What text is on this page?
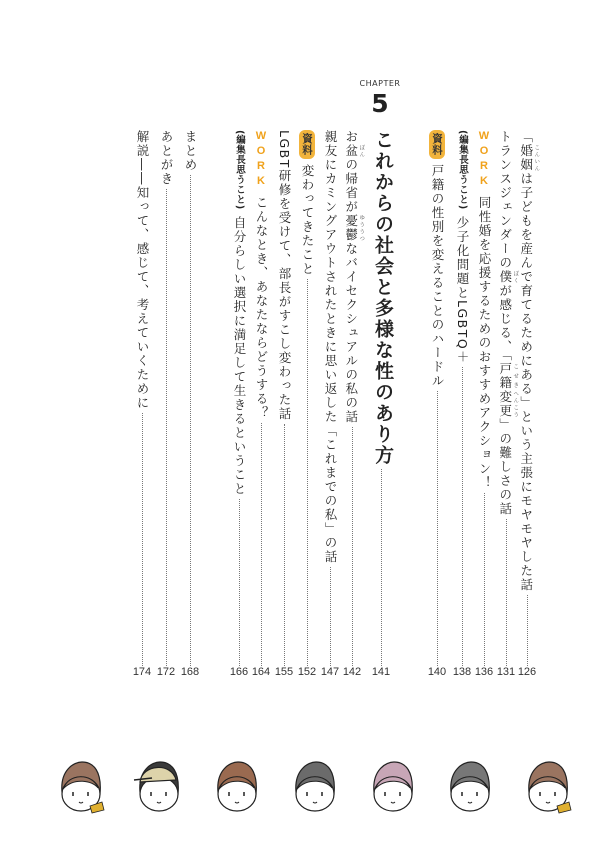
CHAPTER
5
これからの社会と多様な性のあり方
141
「婚姻 こんいんは子どもを産んで育てるためにある」という主張にモヤモヤした話
126
トランスジェンダーの僕 ぼくが感じる、「戸籍 こせき変更 へんこう」の難しさの話
131
WORK
同性婚を応援するためのおすすめアクション！
136
(編集長思うこと)
少子化問題とLGBTQ＋
138
資料
戸籍の性別を変えることのハードル
140
お盆 ぼんの帰省が憂鬱 ゆううつなバイセクシュアルの私の話
142
親友にカミングアウトされたときに思い返した「これまでの私」の話
147
資料
変わってきたこと
152
LGBT研修を受けて、部長がすこし変わった話
155
WORK
こんなとき、あなたならどうする？
164
(編集長思うこと)
自分らしい選択に満足して生きるということ
166
まとめ
168
あとがき
172
解説――知って、感じて、考えていくために
174
